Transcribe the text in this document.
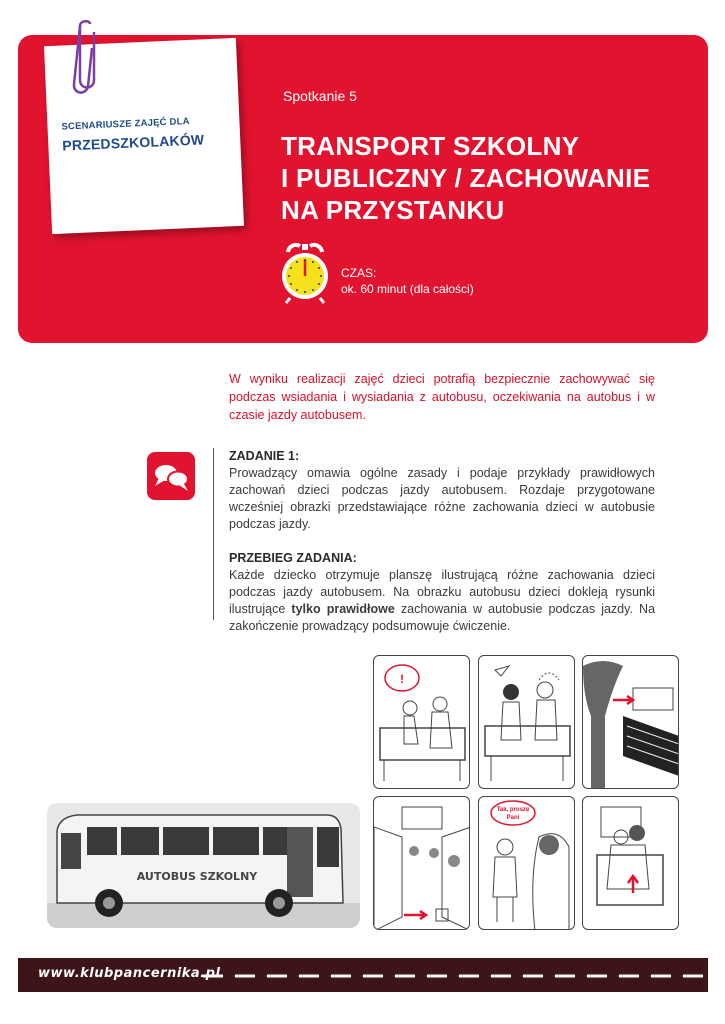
SCENARIUSZE ZAJĘĆ DLA
PRZEDSZKOLAKÓW
Spotkanie 5
TRANSPORT SZKOLNY
I PUBLICZNY / ZACHOWANIE
NA PRZYSTANKU
CZAS:
ok. 60 minut (dla całości)

W wyniku realizacji zajęć dzieci potrafią bezpiecznie zachowywać się podczas wsiadania i wysiadania z autobusu, oczekiwania na autobus i w czasie jazdy autobusem.

ZADANIE 1:
Prowadzący omawia ogólne zasady i podaje przykłady prawidłowych zachowań dzieci podczas jazdy autobusem. Rozdaje przygotowane wcześniej obrazki przedstawiające różne zachowania dzieci w autobusie podczas jazdy.
PRZEBIEG ZADANIA:
Każde dziecko otrzymuje planszę ilustrującą różne zachowania dzieci podczas jazdy autobusem. Na obrazku autobusu dzieci dokleją rysunki ilustrujące tylko prawidłowe zachowania w autobusie podczas jazdy. Na zakończenie prowadzący podsumowuje ćwiczenie.
!
Tak, proszę
Pani
AUTOBUS SZKOLNY
www.klubpancernika.pl
